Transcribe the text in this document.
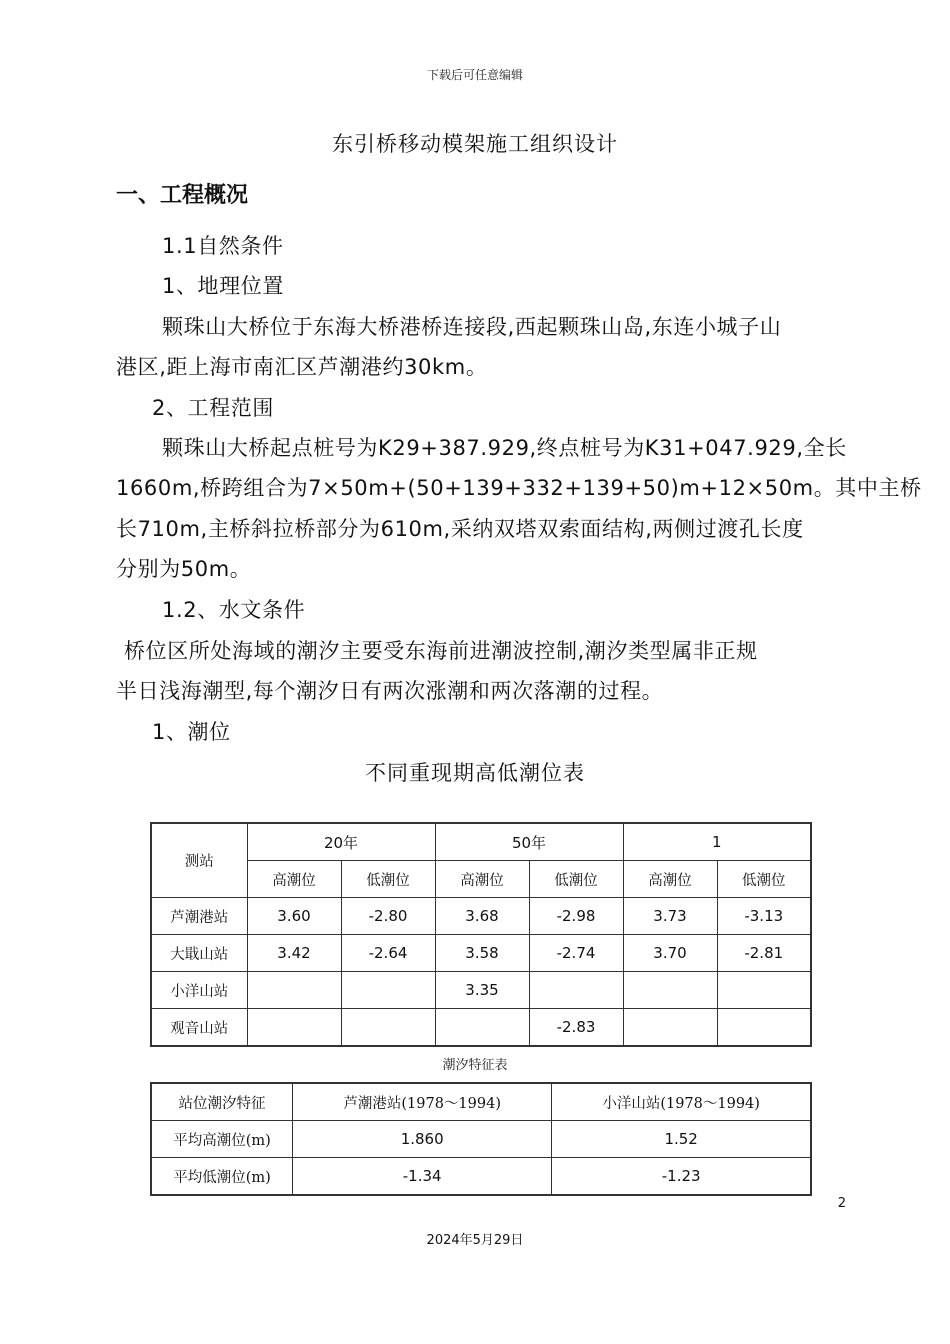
下载后可任意编辑
东引桥移动模架施工组织设计
一、工程概况
1.1自然条件
1、地理位置
颗珠山大桥位于东海大桥港桥连接段,西起颗珠山岛,东连小城子山
港区,距上海市南汇区芦潮港约30km。
2、工程范围
颗珠山大桥起点桩号为K29+387.929,终点桩号为K31+047.929,全长
1660m,桥跨组合为7×50m+(50+139+332+139+50)m+12×50m。其中主桥
长710m,主桥斜拉桥部分为610m,采纳双塔双索面结构,两侧过渡孔长度
分别为50m。
1.2、水文条件
桥位区所处海域的潮汐主要受东海前进潮波控制,潮汐类型属非正规
半日浅海潮型,每个潮汐日有两次涨潮和两次落潮的过程。
1、潮位
不同重现期高低潮位表
测站	20年		50年		1	
	高潮位	低潮位	高潮位	低潮位	高潮位	低潮位
芦潮港站	3.60	-2.80	3.68	-2.98	3.73	-3.13
大戢山站	3.42	-2.64	3.58	-2.74	3.70	-2.81
小洋山站			3.35			
观音山站				-2.83		
潮汐特征表
站位潮汐特征	芦潮港站(1978～1994)	小洋山站(1978～1994)
平均高潮位(m)	1.860	1.52
平均低潮位(m)	-1.34	-1.23
2
2024年5月29日
